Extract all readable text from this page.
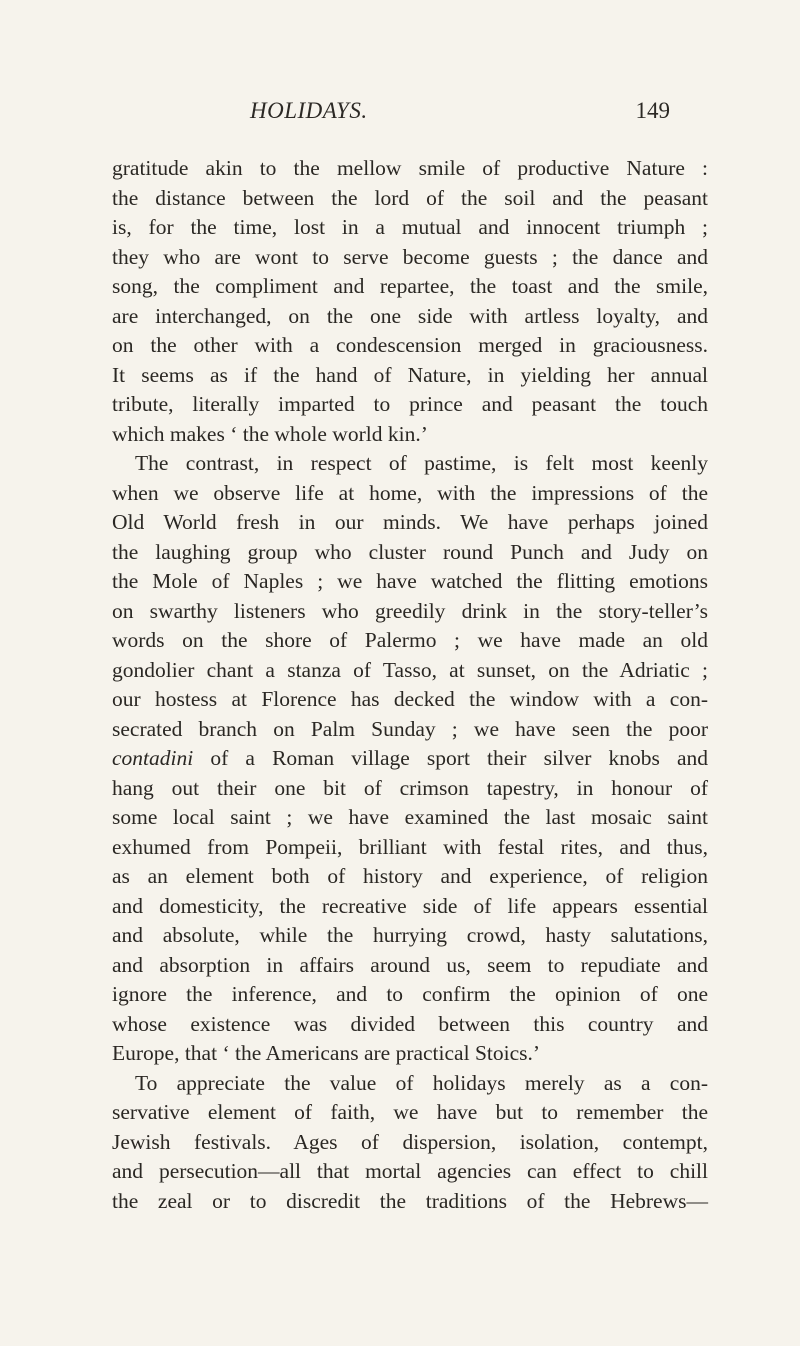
HOLIDAYS.	149
gratitude akin to the mellow smile of productive Nature :
the distance between the lord of the soil and the peasant
is, for the time, lost in a mutual and innocent triumph ;
they who are wont to serve become guests ; the dance and
song, the compliment and repartee, the toast and the smile,
are interchanged, on the one side with artless loyalty, and
on the other with a condescension merged in graciousness.
It seems as if the hand of Nature, in yielding her annual
tribute, literally imparted to prince and peasant the touch
which makes ‘ the whole world kin.’
The contrast, in respect of pastime, is felt most keenly
when we observe life at home, with the impressions of the
Old World fresh in our minds. We have perhaps joined
the laughing group who cluster round Punch and Judy on
the Mole of Naples ; we have watched the flitting emotions
on swarthy listeners who greedily drink in the story-teller’s
words on the shore of Palermo ; we have made an old
gondolier chant a stanza of Tasso, at sunset, on the Adriatic ;
our hostess at Florence has decked the window with a con-
secrated branch on Palm Sunday ; we have seen the poor
contadini of a Roman village sport their silver knobs and
hang out their one bit of crimson tapestry, in honour of
some local saint ; we have examined the last mosaic saint
exhumed from Pompeii, brilliant with festal rites, and thus,
as an element both of history and experience, of religion
and domesticity, the recreative side of life appears essential
and absolute, while the hurrying crowd, hasty salutations,
and absorption in affairs around us, seem to repudiate and
ignore the inference, and to confirm the opinion of one
whose existence was divided between this country and
Europe, that ‘ the Americans are practical Stoics.’
To appreciate the value of holidays merely as a con-
servative element of faith, we have but to remember the
Jewish festivals. Ages of dispersion, isolation, contempt,
and persecution—all that mortal agencies can effect to chill
the zeal or to discredit the traditions of the Hebrews—
